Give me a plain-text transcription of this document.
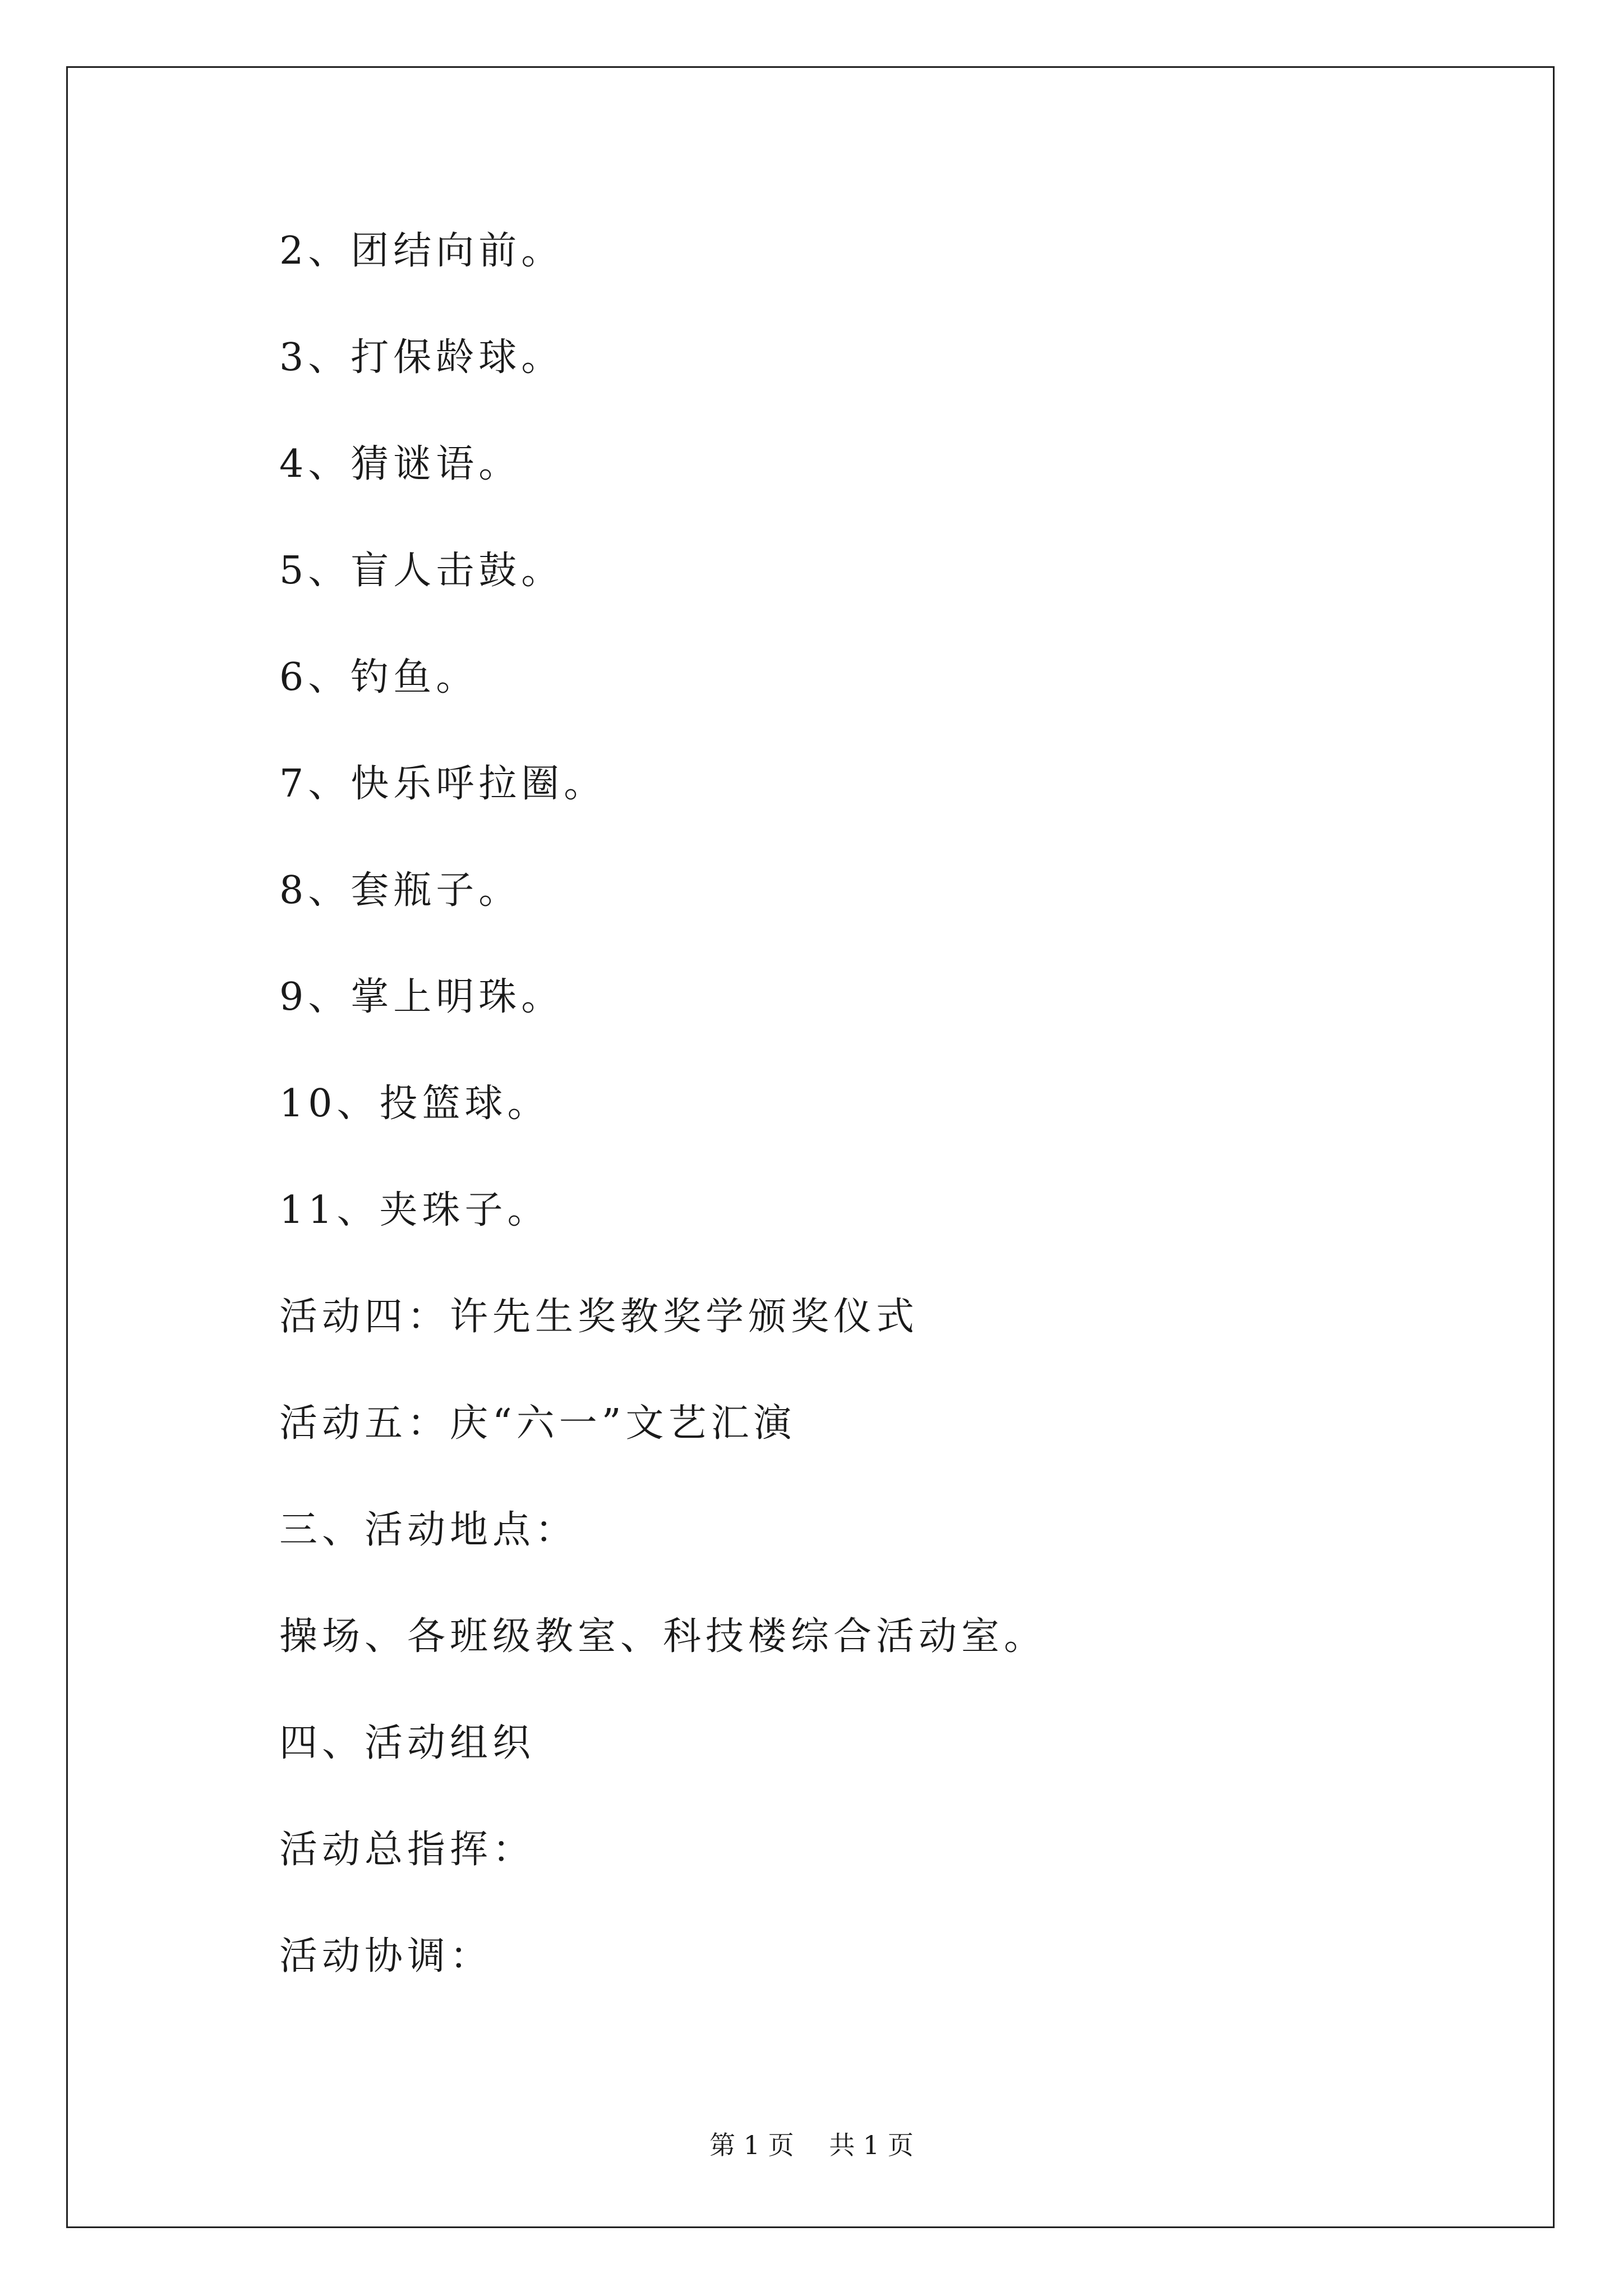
2、团结向前。
3、打保龄球。
4、猜谜语。
5、盲人击鼓。
6、钓鱼。
7、快乐呼拉圈。
8、套瓶子。
9、掌上明珠。
10、投篮球。
11、夹珠子。
活动四：许先生奖教奖学颁奖仪式
活动五：庆“六一”文艺汇演
三、活动地点：
操场、各班级教室、科技楼综合活动室。
四、活动组织
活动总指挥：
活动协调：
第 1 页 共 1 页
